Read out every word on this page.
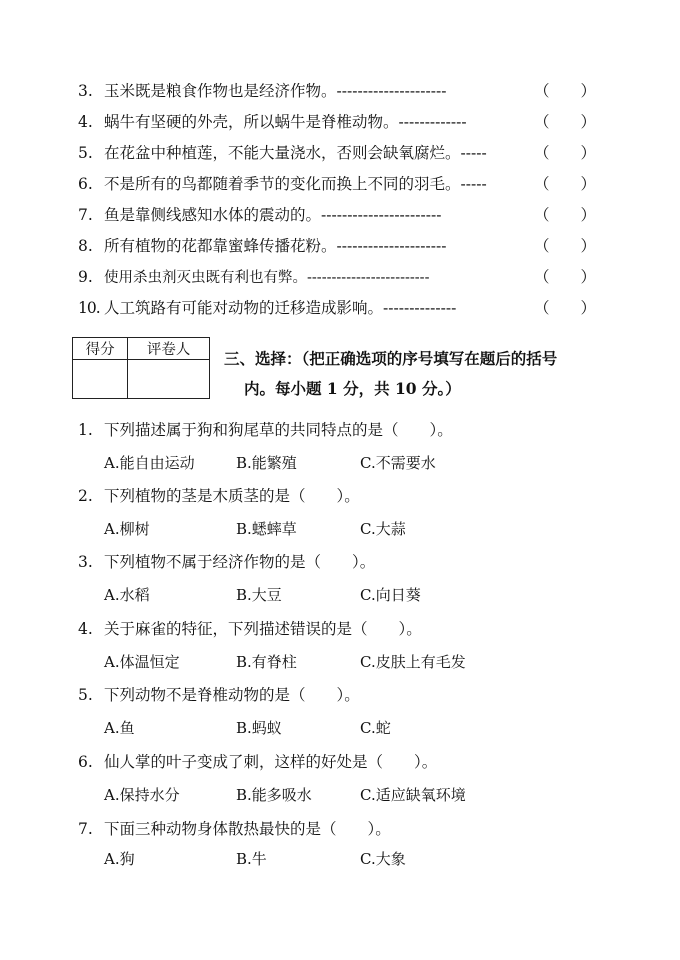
3. 玉米既是粮食作物也是经济作物。---------------------	（　　）
4. 蜗牛有坚硬的外壳，所以蜗牛是脊椎动物。-------------	（　　）
5. 在花盆中种植莲，不能大量浇水，否则会缺氧腐烂。-----	（　　）
6. 不是所有的鸟都随着季节的变化而换上不同的羽毛。-----	（　　）
7. 鱼是靠侧线感知水体的震动的。-----------------------	（　　）
8. 所有植物的花都靠蜜蜂传播花粉。---------------------	（　　）
9. 使用杀虫剂灭虫既有利也有弊。-------------------------	（　　）
10. 人工筑路有可能对动物的迁移造成影响。--------------	（　　）
得分	评卷人
	三、选择：（把正确选项的序号填写在题后的括号
内。每小题 1 分，共 10 分。）
1. 下列描述属于狗和狗尾草的共同特点的是（　　）。
A.能自由运动	B.能繁殖	C.不需要水
2. 下列植物的茎是木质茎的是（　　）。
A.柳树	B.蟋蟀草	C.大蒜
3. 下列植物不属于经济作物的是（　　）。
A.水稻	B.大豆	C.向日葵
4. 关于麻雀的特征，下列描述错误的是（　　）。
A.体温恒定	B.有脊柱	C.皮肤上有毛发
5. 下列动物不是脊椎动物的是（　　）。
A.鱼	B.蚂蚁	C.蛇
6. 仙人掌的叶子变成了刺，这样的好处是（　　）。
A.保持水分	B.能多吸水	C.适应缺氧环境
7. 下面三种动物身体散热最快的是（　　）。
A.狗	B.牛	C.大象
